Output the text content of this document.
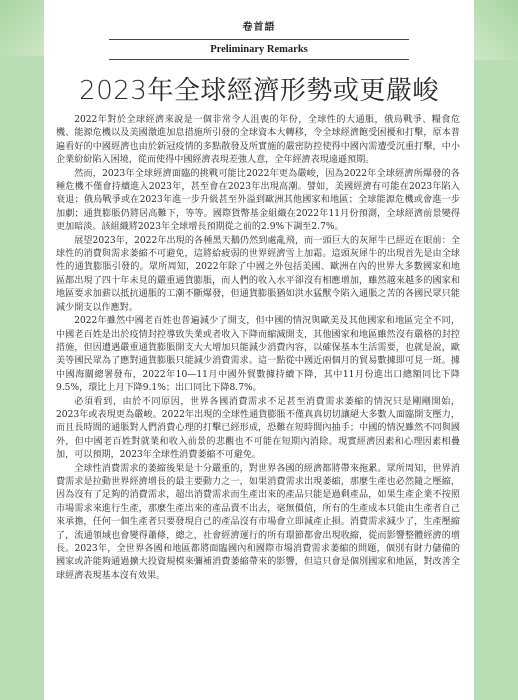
卷首語
Preliminary Remarks
2023年全球經濟形勢或更嚴峻

2022年對於全球經濟來說是一個非常令人沮喪的年份，全球性的大通脹，俄烏戰爭、糧食危機、能源危機以及美國激進加息措施所引發的全球資本大轉移，令全球經濟飽受困擾和打擊，原本普遍看好的中國經濟也由於新冠疫情的多點散發及所實施的嚴密防控使得中國內需遭受沉重打擊，中小企業紛紛陷入困境，從而使得中國經濟表現差強人意，全年經濟表現遠遜預期。

然而，2023年全球經濟面臨的挑戰可能比2022年更為嚴峻，因為2022年全球經濟所爆發的各種危機不僅會持續進入2023年，甚至會在2023年出現高潮。譬如，美國經濟有可能在2023年陷入衰退；俄烏戰爭或在2023年進一步升級甚至外溢到歐洲其他國家和地區；全球能源危機或會進一步加劇；通貨膨脹仍將居高難下，等等。國際貨幣基金組織在2022年11月份預測，全球經濟前景變得更加暗淡。該組織將2023年全球增長預期從之前的2.9%下調至2.7%。

展望2023年，2022年出現的各種黑天鵝仍然到處亂飛，而一頭巨大的灰犀牛已經近在眼前：全球性的消費與需求萎縮不可避免，這將給疲弱的世界經濟雪上加霜。這頭灰犀牛的出現首先是由全球性的通貨膨脹引發的。眾所周知，2022年除了中國之外包括美國、歐洲在內的世界大多數國家和地區都出現了四十年未見的嚴重通貨膨脹，而人們的收入水平卻沒有相應增加，雖然越來越多的國家和地區要求加薪以抵抗通脹的工潮不斷爆發，但通貨膨脹猶如洪水猛獸令陷入通脹之苦的各國民眾只能減少開支以作應對。

2022年雖然中國老百姓也普遍減少了開支，但中國的情況與歐美及其他國家和地區完全不同，中國老百姓是出於疫情封控導致失業或者收入下降而縮減開支，其他國家和地區雖然沒有嚴格的封控措施，但因遭遇嚴重通貨膨脹開支大大增加只能減少消費內容，以確保基本生活需要，也就是說，歐美等國民眾為了應對通貨膨脹只能減少消費需求。這一點從中國近兩個月的貿易數據即可見一斑。據中國海關總署發布，2022年10—11月中國外貿數據持續下降，其中11月份進出口總額同比下降9.5%，環比上月下降9.1%；出口同比下降8.7%。

必須看到，由於不同原因，世界各國消費需求不足甚至消費需求萎縮的情況只是剛剛開始，2023年或表現更為嚴峻。2022年出現的全球性通貨膨脹不僅真真切切讓絕大多數人面臨開支壓力，而且長時間的通脹對人們消費心理的打擊已經形成，恐難在短時間內抽手；中國的情況雖然不同與國外，但中國老百姓對就業和收入前景的悲觀也不可能在短期內消除。現實經濟因素和心理因素相疊加，可以預期，2023年全球性消費萎縮不可避免。

全球性消費需求的萎縮後果是十分嚴重的，對世界各國的經濟都將帶來拖累。眾所周知，世界消費需求是拉動世界經濟增長的最主要動力之一，如果消費需求出現萎縮，那麼生產也必然隨之壓縮，因為沒有了足夠的消費需求，超出消費需求而生產出來的產品只能是過剩產品，如果生產企業不按照市場需求來進行生產，那麼生產出來的產品賣不出去，毫無價值，所有的生產成本只能由生產者自己來承擔，任何一個生產者只要發現自己的產品沒有市場會立即減產止損。消費需求減少了，生產壓縮了，流通領域也會變得蕭條，總之，社會經濟運行的所有環節都會出現收縮，從而影響整體經濟的增長。2023年，全世界各國和地區都將面臨國內和國際市場消費需求萎縮的問題，個別有財力儲備的國家或許能夠通過擴大投資規模來彌補消費萎縮帶來的影響，但這只會是個別國家和地區，對改善全球經濟表現基本沒有效果。
